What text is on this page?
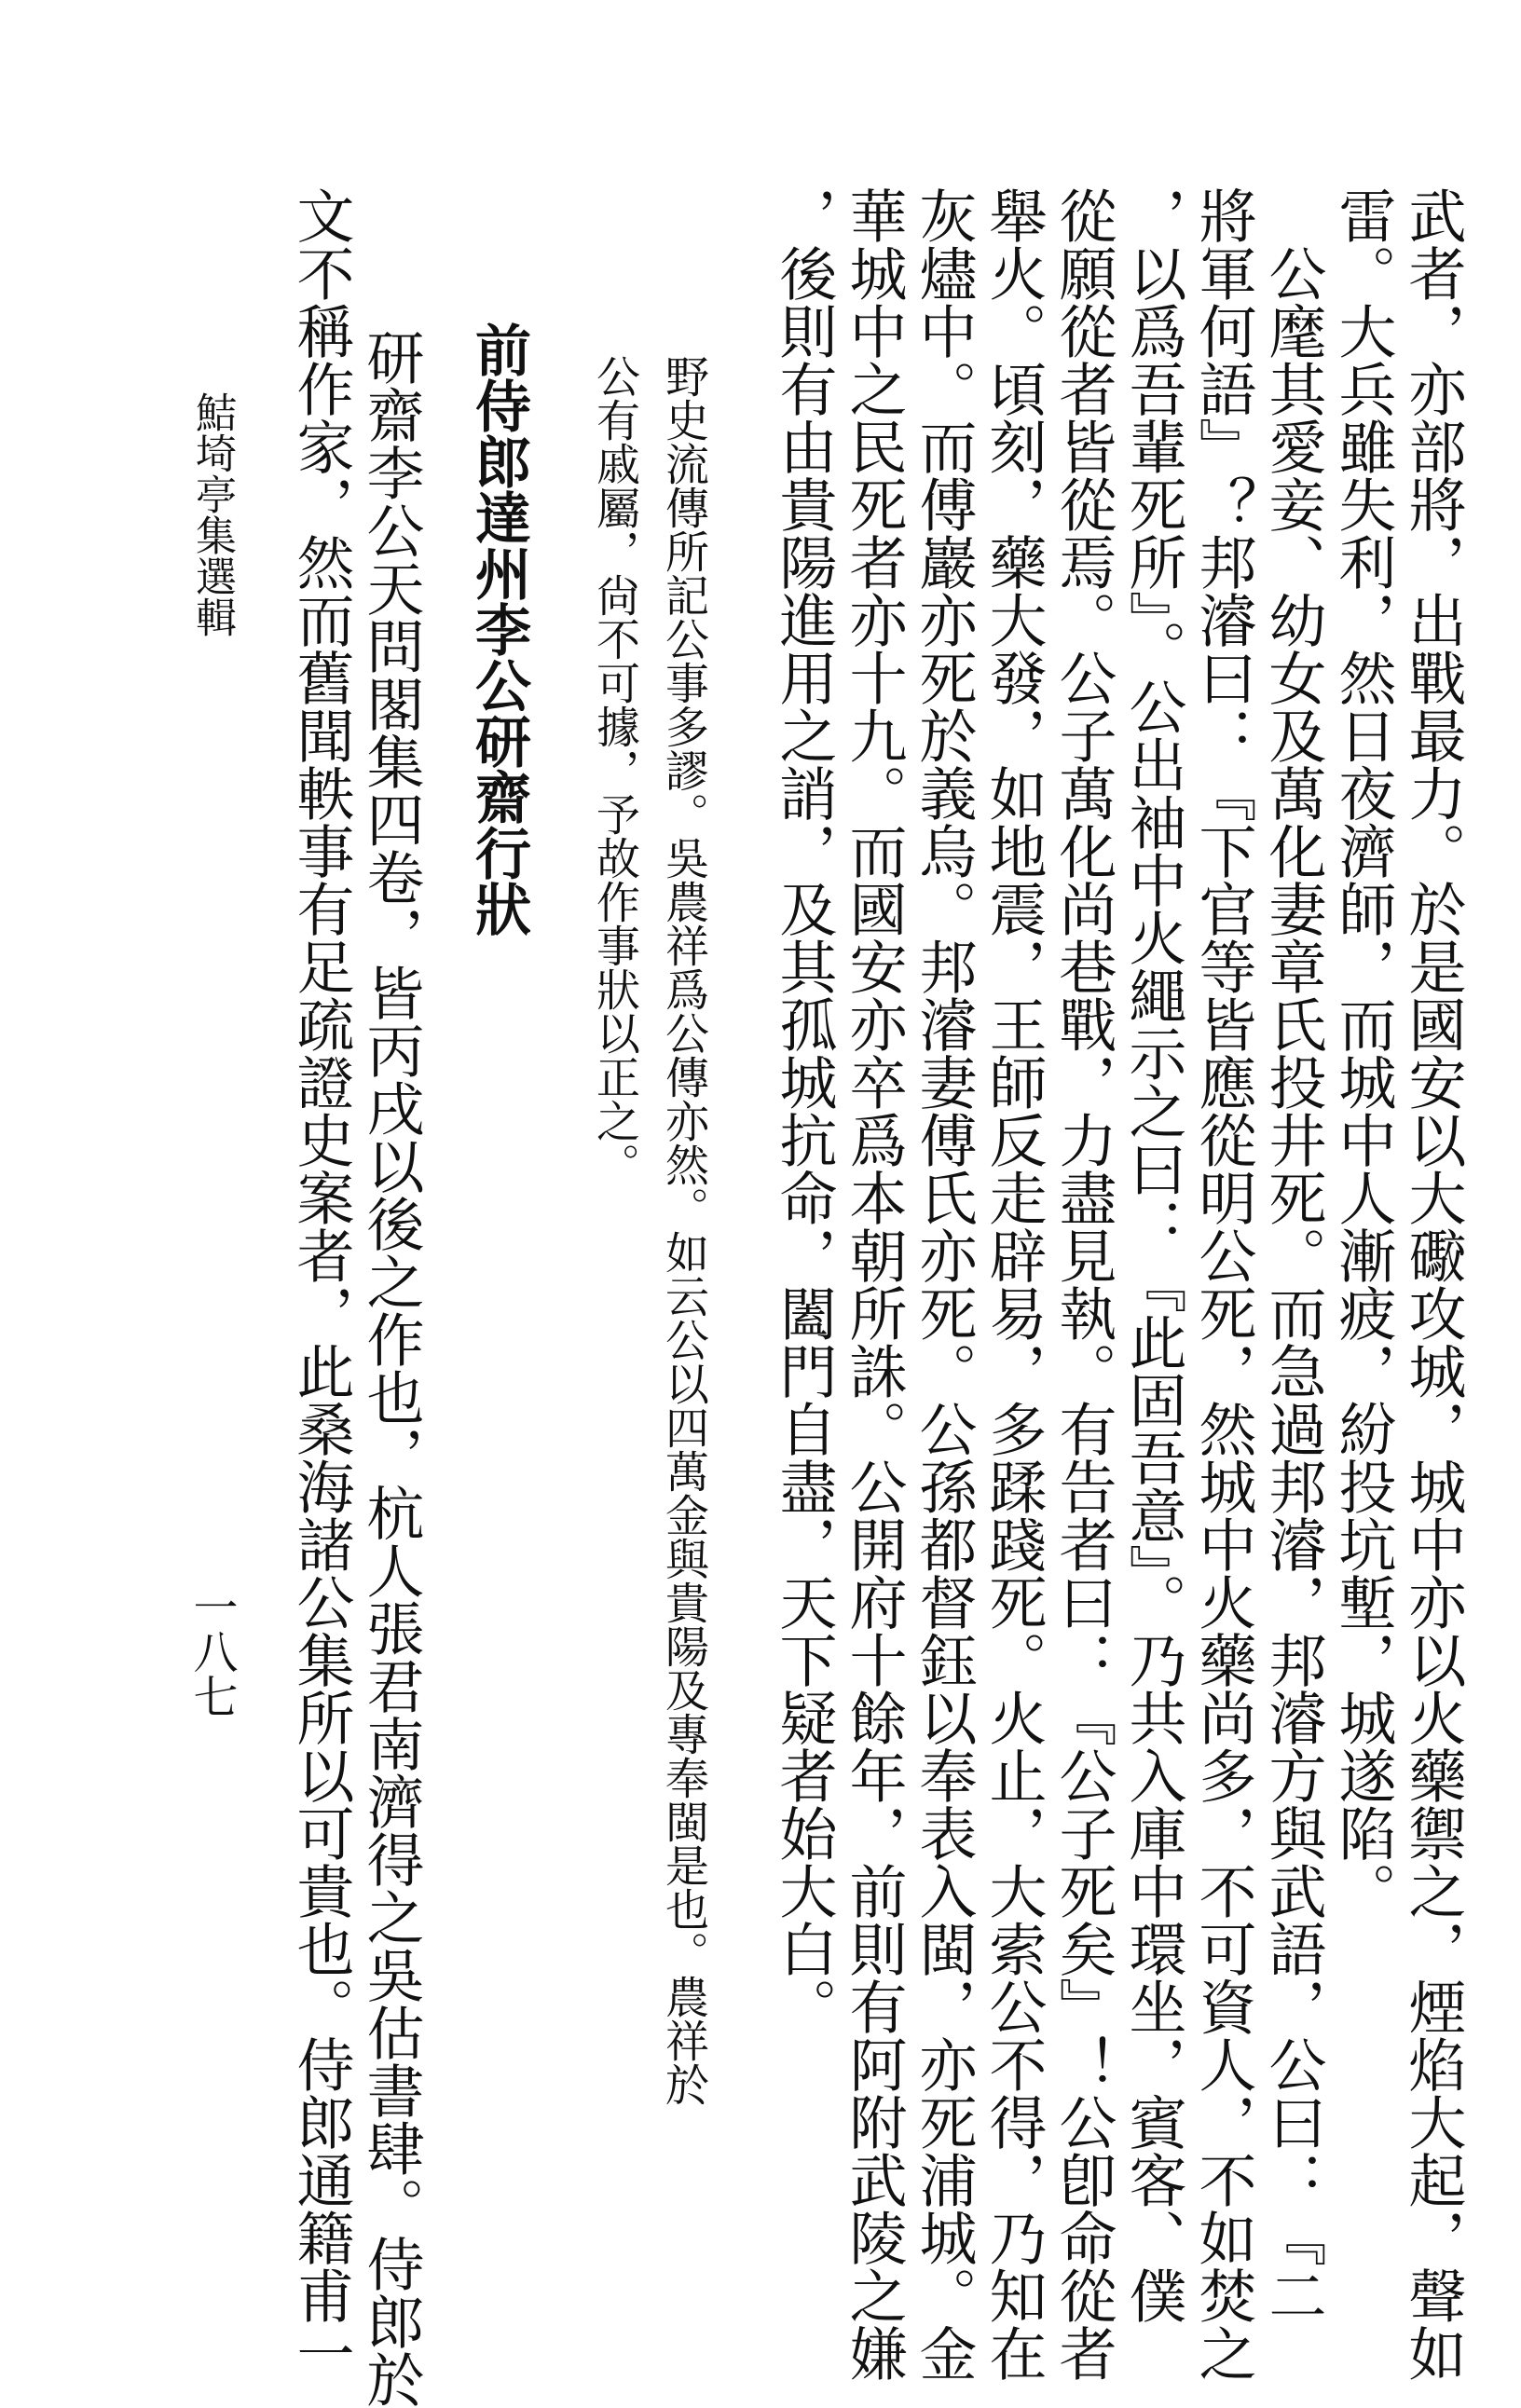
武者，亦部將，出戰最力。於是國安以大礮攻城，城中亦以火藥禦之，煙焰大起，聲如
雷。大兵雖失利，然日夜濟師，而城中人漸疲，紛投坑塹，城遂陷。
　公麾其愛妾、幼女及萬化妻章氏投井死。而急過邦濬，邦濬方與武語，公曰：『二
將軍何語』？邦濬曰：『下官等皆應從明公死，然城中火藥尚多，不可資人，不如焚之
，以爲吾輩死所』。公出袖中火繩示之曰：『此固吾意』。乃共入庫中環坐，賓客、僕
從願從者皆從焉。公子萬化尚巷戰，力盡見執。有告者曰：『公子死矣』！公卽命從者
舉火。頃刻，藥大發，如地震，王師反走辟易，多蹂踐死。火止，大索公不得，乃知在
灰燼中。而傅巖亦死於義烏。邦濬妻傅氏亦死。公孫都督鈺以奉表入閩，亦死浦城。金
華城中之民死者亦十九。而國安亦卒爲本朝所誅。公開府十餘年，前則有阿附武陵之嫌
，後則有由貴陽進用之誚，及其孤城抗命，闔門自盡，天下疑者始大白。
野史流傳所記公事多謬。吳農祥爲公傳亦然。如云公以四萬金與貴陽及專奉閩是也。農祥於
公有戚屬，尙不可據，予故作事狀以正之。
前侍郎達州李公研齋行狀
　研齋李公天問閣集四卷，皆丙戌以後之作也，杭人張君南濟得之吳估書肆。侍郎於
文不稱作家，然而舊聞軼事有足疏證史案者，此桑海諸公集所以可貴也。侍郎通籍甫一
鮚埼亭集選輯
一八七
